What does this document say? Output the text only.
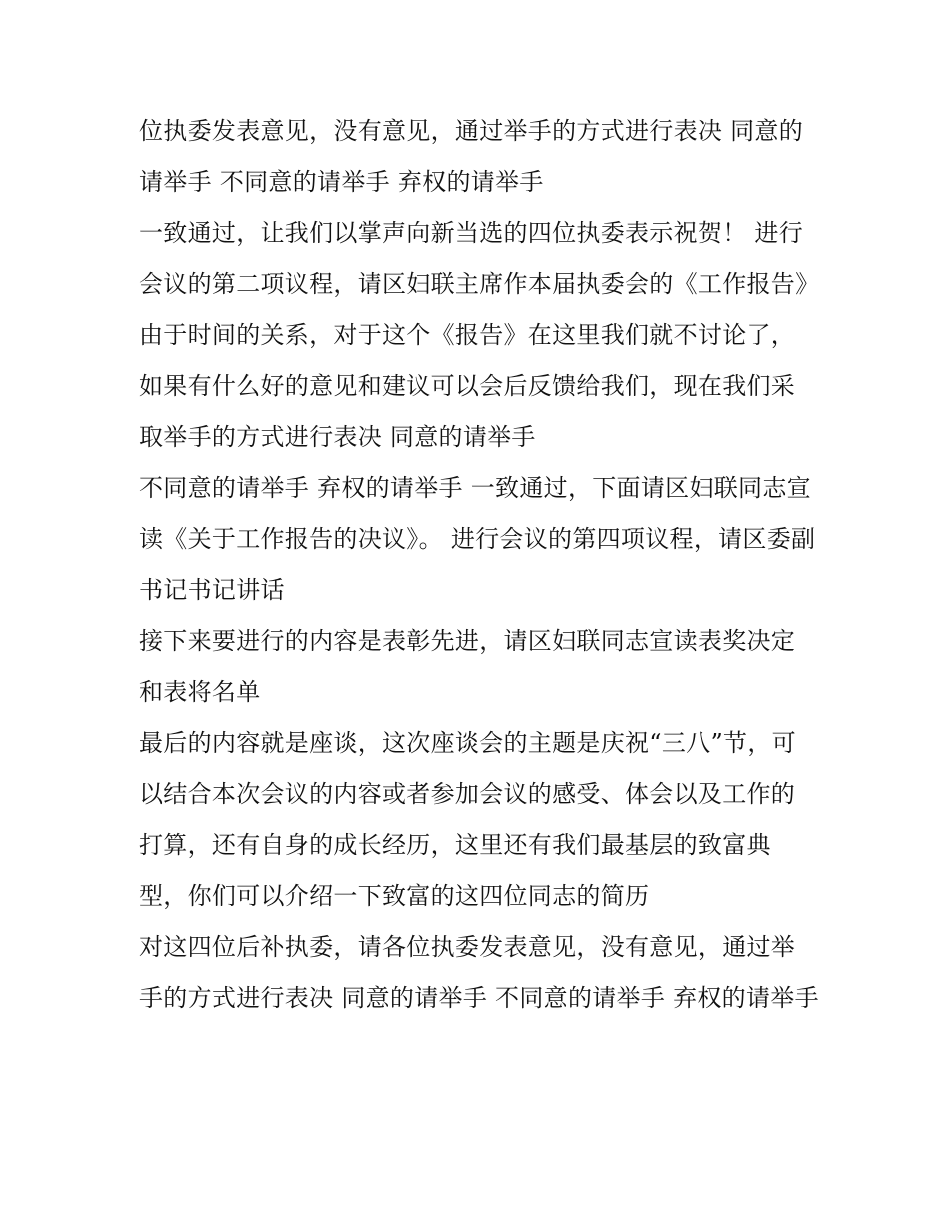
位执委发表意见，没有意见，通过举手的方式进行表决 同意的请举手 不同意的请举手 弃权的请举手

一致通过，让我们以掌声向新当选的四位执委表示祝贺！ 进行会议的第二项议程，请区妇联主席作本届执委会的《工作报告》

由于时间的关系，对于这个《报告》在这里我们就不讨论了，如果有什么好的意见和建议可以会后反馈给我们，现在我们采取举手的方式进行表决 同意的请举手

不同意的请举手 弃权的请举手 一致通过，下面请区妇联同志宣读《关于工作报告的决议》。 进行会议的第四项议程，请区委副书记书记讲话

接下来要进行的内容是表彰先进，请区妇联同志宣读表奖决定和表将名单

最后的内容就是座谈，这次座谈会的主题是庆祝“三八”节，可以结合本次会议的内容或者参加会议的感受、体会以及工作的打算，还有自身的成长经历，这里还有我们最基层的致富典型，你们可以介绍一下致富的这四位同志的简历

对这四位后补执委，请各位执委发表意见，没有意见，通过举手的方式进行表决 同意的请举手 不同意的请举手 弃权的请举手
